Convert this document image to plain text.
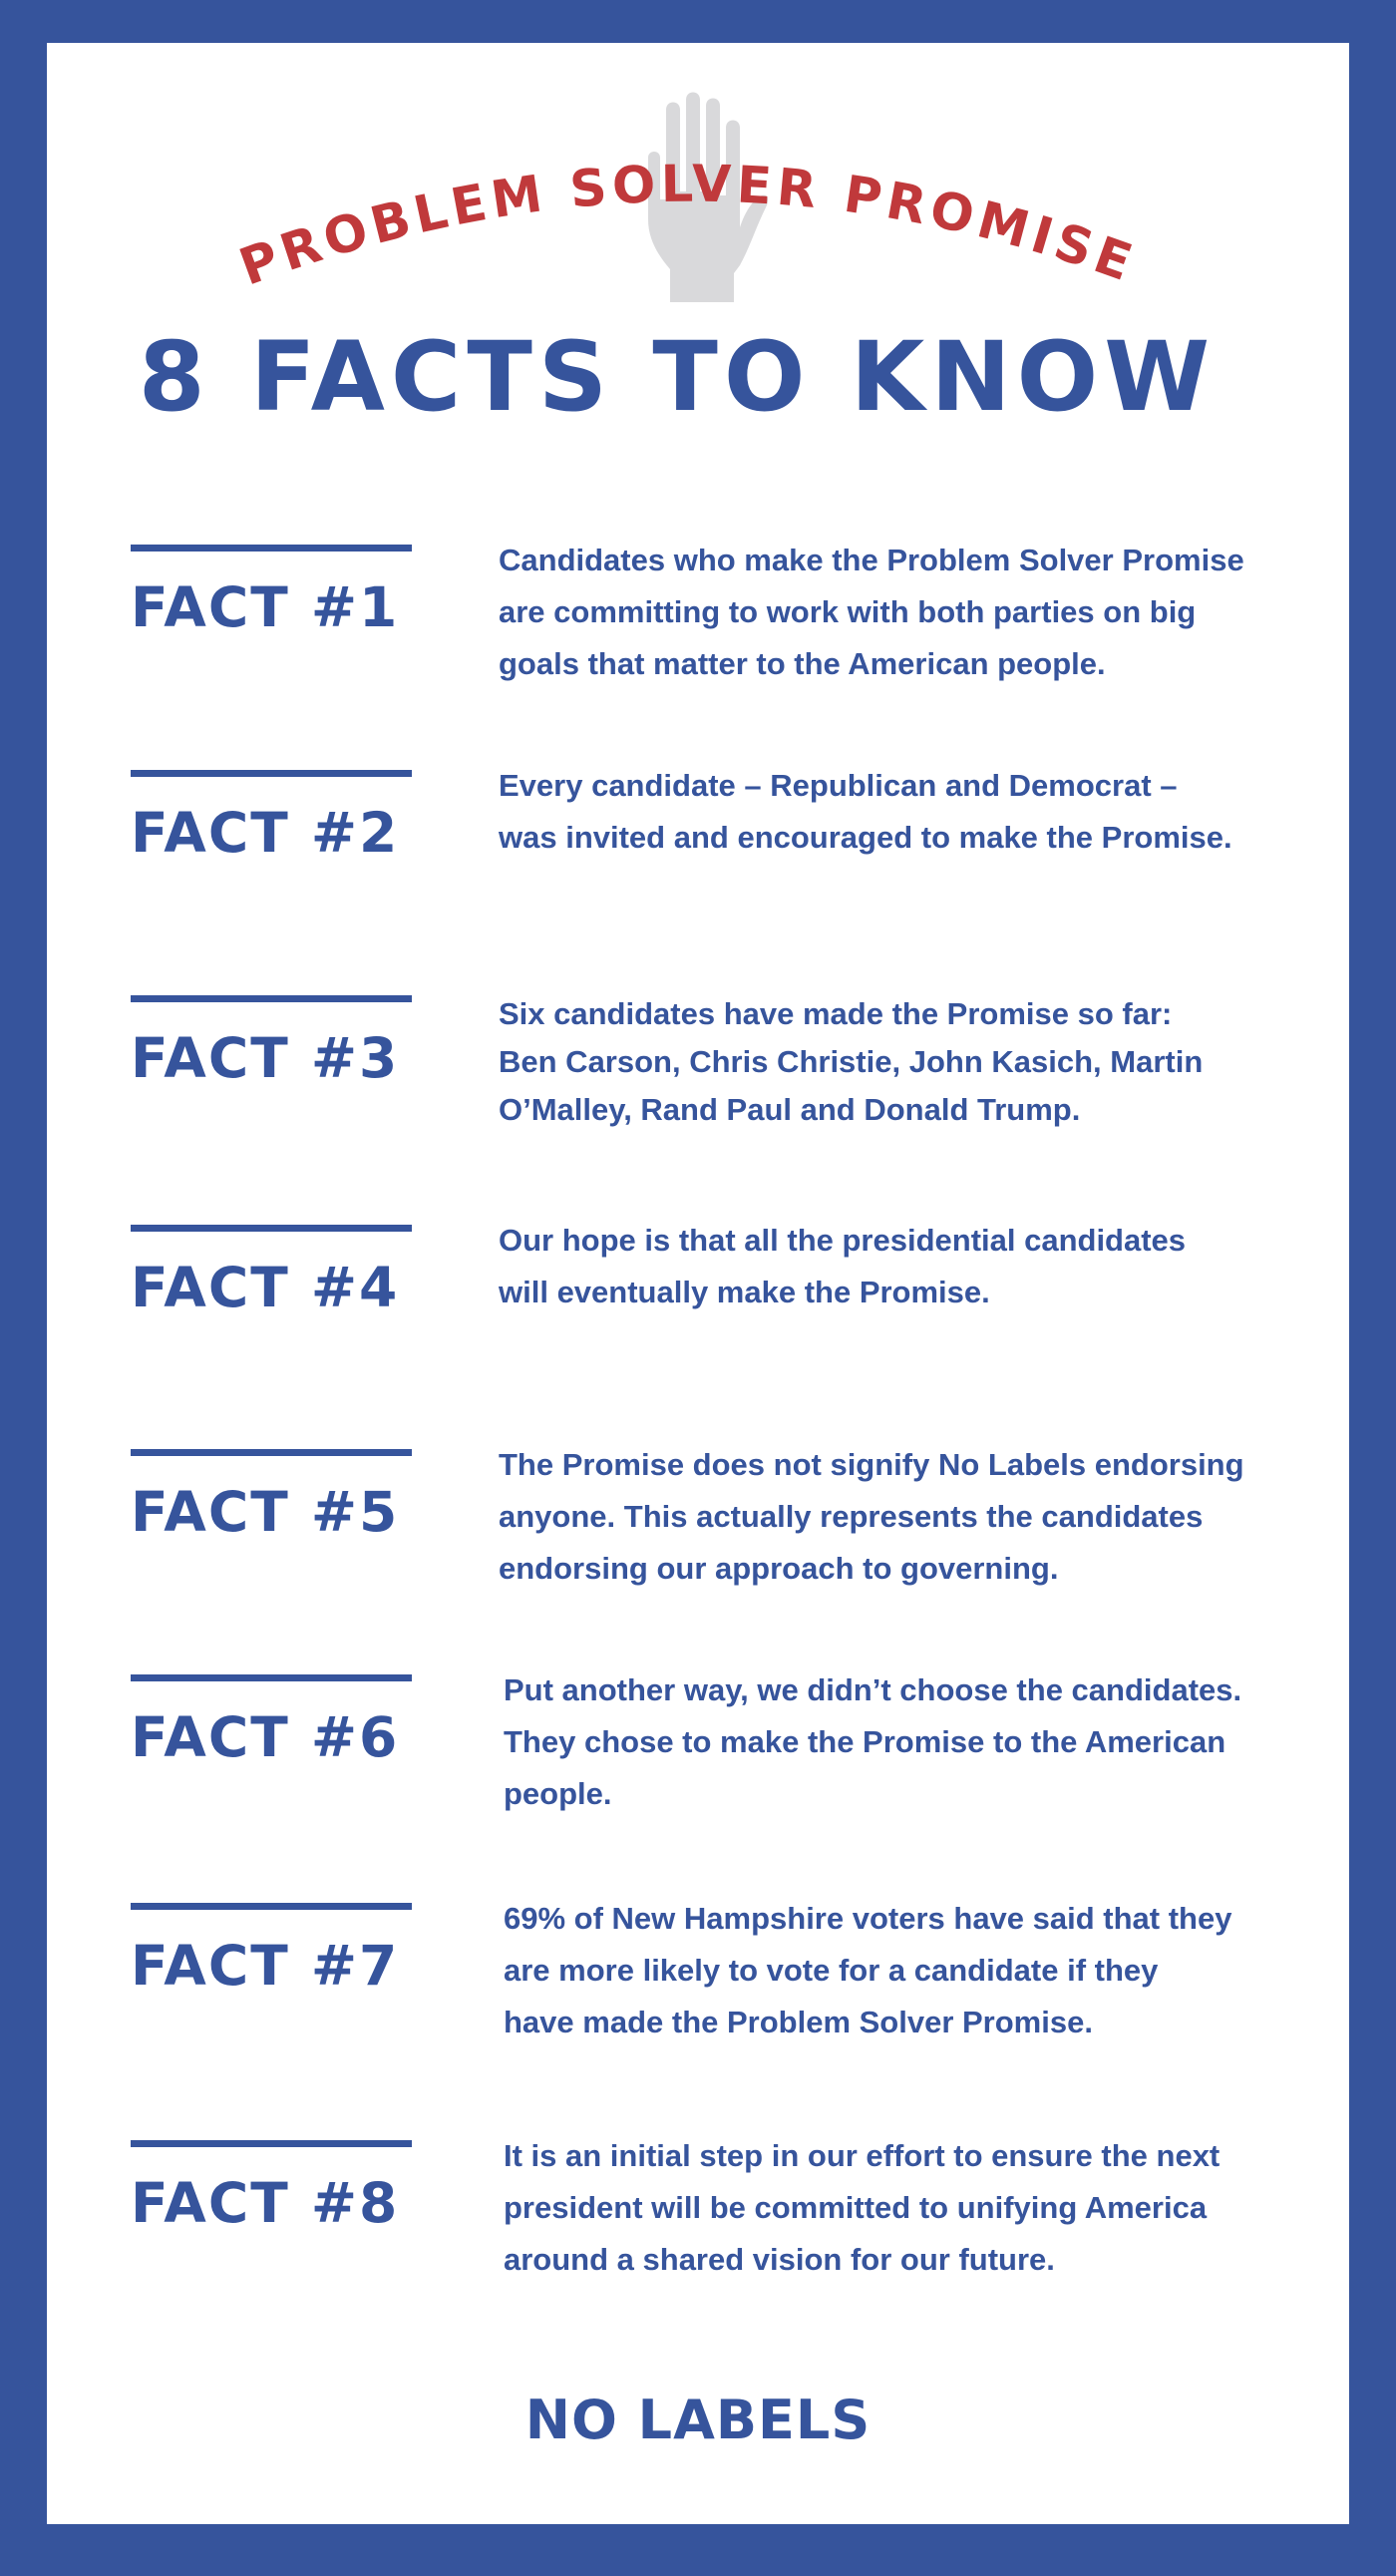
PROBLEM SOLVER PROMISE
8 FACTS TO KNOW
FACT #1
Candidates who make the Problem Solver Promise
are committing to work with both parties on big
goals that matter to the American people.
FACT #2
Every candidate – Republican and Democrat –
was invited and encouraged to make the Promise.
FACT #3
Six candidates have made the Promise so far:
Ben Carson, Chris Christie, John Kasich, Martin
O’Malley, Rand Paul and Donald Trump.
FACT #4
Our hope is that all the presidential candidates
will eventually make the Promise.
FACT #5
The Promise does not signify No Labels endorsing
anyone. This actually represents the candidates
endorsing our approach to governing.
FACT #6
Put another way, we didn’t choose the candidates.
They chose to make the Promise to the American
people.
FACT #7
69% of New Hampshire voters have said that they
are more likely to vote for a candidate if they
have made the Problem Solver Promise.
FACT #8
It is an initial step in our effort to ensure the next
president will be committed to unifying America
around a shared vision for our future.
NO LABELS
